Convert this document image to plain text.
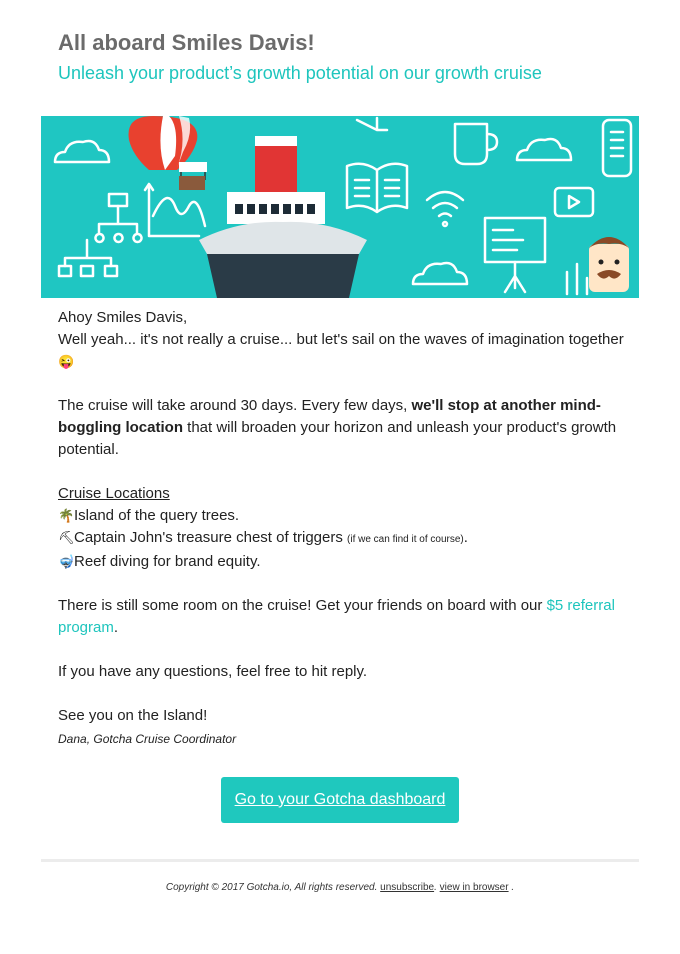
All aboard Smiles Davis!
Unleash your product’s growth potential on our growth cruise
Ahoy Smiles Davis,
Well yeah... it's not really a cruise... but let's sail on the waves of imagination together
😜
The cruise will take around 30 days. Every few days, we'll stop at another mind-boggling location that will broaden your horizon and unleash your product's growth potential.
Cruise Locations
🌴Island of the query trees.
⛏Captain John's treasure chest of triggers (if we can find it of course).
🤿Reef diving for brand equity.
There is still some room on the cruise! Get your friends on board with our $5 referral program.
If you have any questions, feel free to hit reply.
See you on the Island!
Dana, Gotcha Cruise Coordinator
Go to your Gotcha dashboard
Copyright © 2017 Gotcha.io, All rights reserved. unsubscribe. view in browser .
